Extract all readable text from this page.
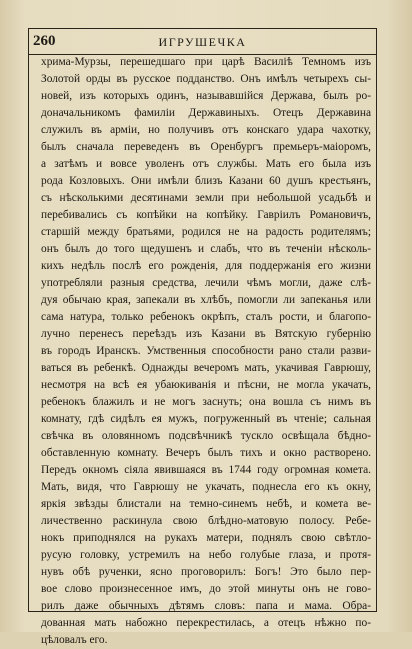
260	ИГРУШЕЧКА
хрима-Мурзы, перешедшаго при царѣ Василіѣ Темномъ изъ
Золотой орды въ русское подданство. Онъ имѣлъ четырехъ сы-
новей, изъ которыхъ одинъ, называвшійся Державa, былъ ро-
доначальникомъ фамиліи Державиныхъ. Отецъ Державина
служилъ въ арміи, но получивъ отъ конскаго удара чахотку,
былъ сначала переведенъ въ Оренбургъ премьеръ-маіоромъ,
а затѣмъ и вовсе уволенъ отъ службы. Мать его была изъ
рода Козловыхъ. Они имѣли близъ Казани 60 душъ крестьянъ,
съ нѣсколькими десятинами земли при небольшой усадьбѣ и
перебивались съ копѣйки на копѣйку. Гавріилъ Романовичъ,
старшій между братьями, родился не на радость родителямъ;
онъ былъ до того щедушенъ и слабъ, что въ теченіи нѣсколь-
кихъ недѣль послѣ его рожденія, для поддержанія его жизни
употребляли разныя средства, лечили чѣмъ могли, даже слѣ-
дуя обычаю края, запекали въ хлѣбъ, помогли ли запеканья или
сама натура, только ребенокъ окрѣпъ, сталъ рости, и благопо-
лучно перенесъ переѣздъ изъ Казани въ Вятскую губернію
въ городъ Иранскъ. Умственныя способности рано стали разви-
ваться въ ребенкѣ. Однажды вечеромъ мать, укачивая Гаврюшу,
несмотря на всѣ ея убаюкиванія и пѣсни, не могла укачать,
ребенокъ блажилъ и не могъ заснуть; она вошла съ нимъ въ
комнату, гдѣ сидѣлъ ея мужъ, погруженный въ чтеніе; сальная
свѣчка въ оловянномъ подсвѣчникѣ тускло освѣщала бѣдно-
обставленную комнату. Вечеръ былъ тихъ и окно растворено.
Передъ окномъ сіяла явившаяся въ 1744 году огромная комета.
Мать, видя, что Гаврюшу не укачать, поднесла его къ окну,
яркія звѣзды блистали на темно-синемъ небѣ, и комета ве-
личественно раскинула свою блѣдно-матовую полосу. Ребе-
нокъ приподнялся на рукахъ матери, поднялъ свою свѣтло-
русую головку, устремилъ на небо голубые глаза, и протя-
нувъ обѣ рученки, ясно проговорилъ: Богъ! Это было пер-
вое слово произнесенное имъ, до этой минуты онъ не гово-
рилъ даже обычныхъ дѣтямъ словъ: папа и мама. Обра-
дованная мать набожно перекрестилась, а отецъ нѣжно по-
цѣловалъ его.
